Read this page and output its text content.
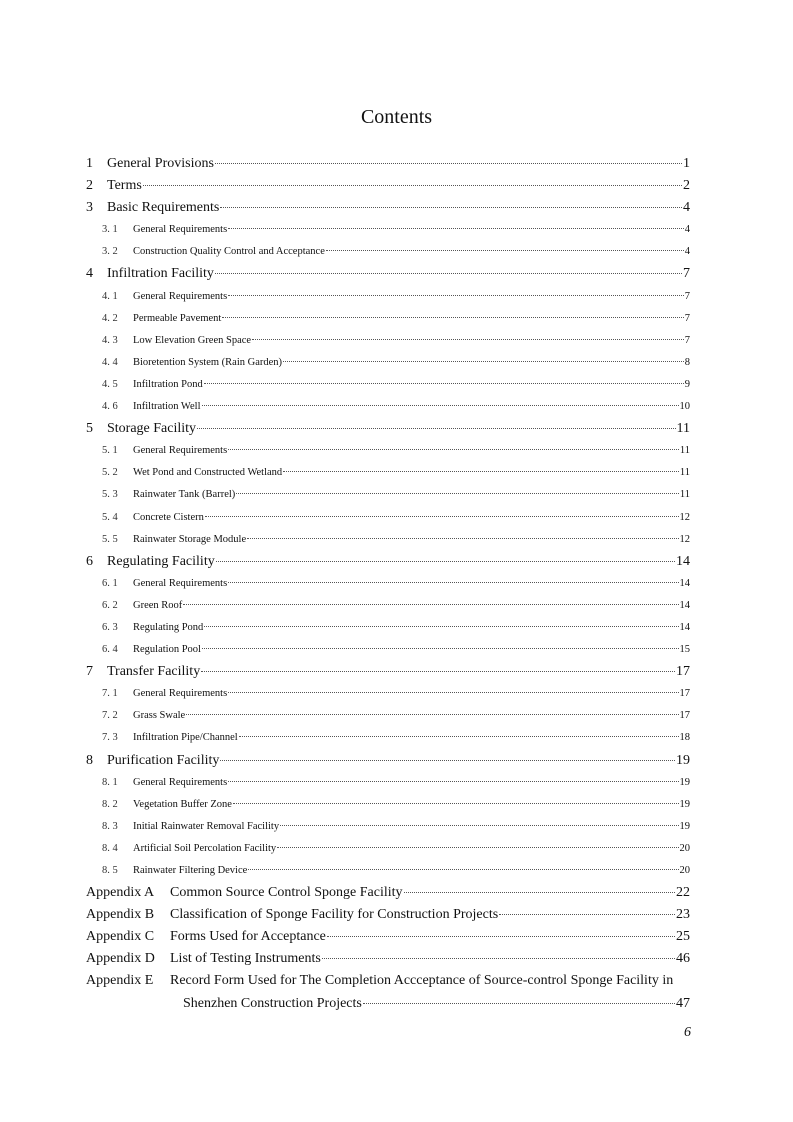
Contents
1	General Provisions	1
2	Terms	2
3	Basic Requirements	4
3. 1	General Requirements	4
3. 2	Construction Quality Control and Acceptance	4
4	Infiltration Facility	7
4. 1	General Requirements	7
4. 2	Permeable Pavement	7
4. 3	Low Elevation Green Space	7
4. 4	Bioretention System (Rain Garden)	8
4. 5	Infiltration Pond	9
4. 6	Infiltration Well	10
5	Storage Facility	11
5. 1	General Requirements	11
5. 2	Wet Pond and Constructed Wetland	11
5. 3	Rainwater Tank (Barrel)	11
5. 4	Concrete Cistern	12
5. 5	Rainwater Storage Module	12
6	Regulating Facility	14
6. 1	General Requirements	14
6. 2	Green Roof	14
6. 3	Regulating Pond	14
6. 4	Regulation Pool	15
7	Transfer Facility	17
7. 1	General Requirements	17
7. 2	Grass Swale	17
7. 3	Infiltration Pipe/Channel	18
8	Purification Facility	19
8. 1	General Requirements	19
8. 2	Vegetation Buffer Zone	19
8. 3	Initial Rainwater Removal Facility	19
8. 4	Artificial Soil Percolation Facility	20
8. 5	Rainwater Filtering Device	20
Appendix A	Common Source Control Sponge Facility	22
Appendix B	Classification of Sponge Facility for Construction Projects	23
Appendix C	Forms Used for Acceptance	25
Appendix D	List of Testing Instruments	46
Appendix E	Record Form Used for The Completion Accceptance of Source-control Sponge Facility in
Shenzhen Construction Projects	47
6
